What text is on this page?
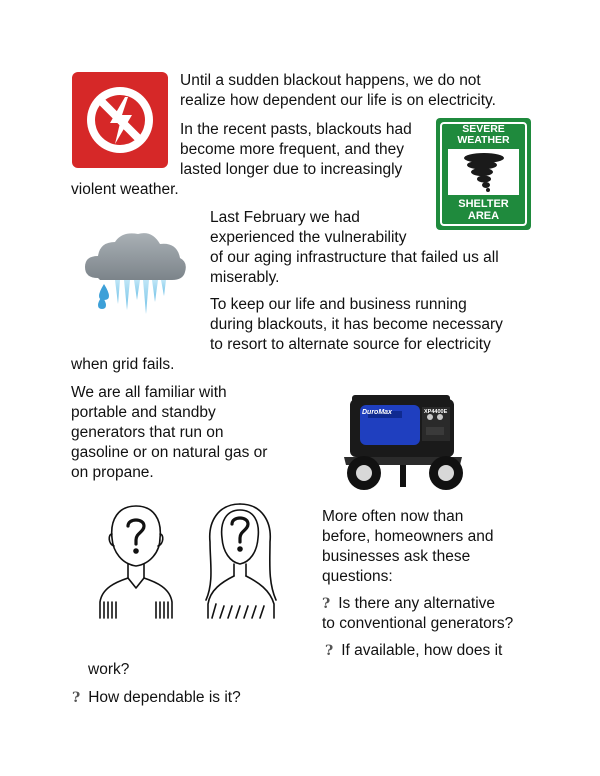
Until a sudden blackout happens, we do not

realize how dependent our life is on electricity.

In the recent pasts, blackouts had

become more frequent, and they

lasted longer due to increasingly

violent weather.

Last February we had

experienced the vulnerability

of our aging infrastructure that failed us all

miserably.

To keep our life and business running

during blackouts, it has become necessary

to resort to alternate source for electricity

when grid fails.

We are all familiar with

portable and standby

generators that run on

gasoline or on natural gas or

on propane.

More often now than

before, homeowners and

businesses ask these

questions:

? Is there any alternative
to conventional generators?
? If available, how does it
work?
? How dependable is it?
SEVERE
WEATHER
SHELTER
AREA
DuroMax	XP4400E
